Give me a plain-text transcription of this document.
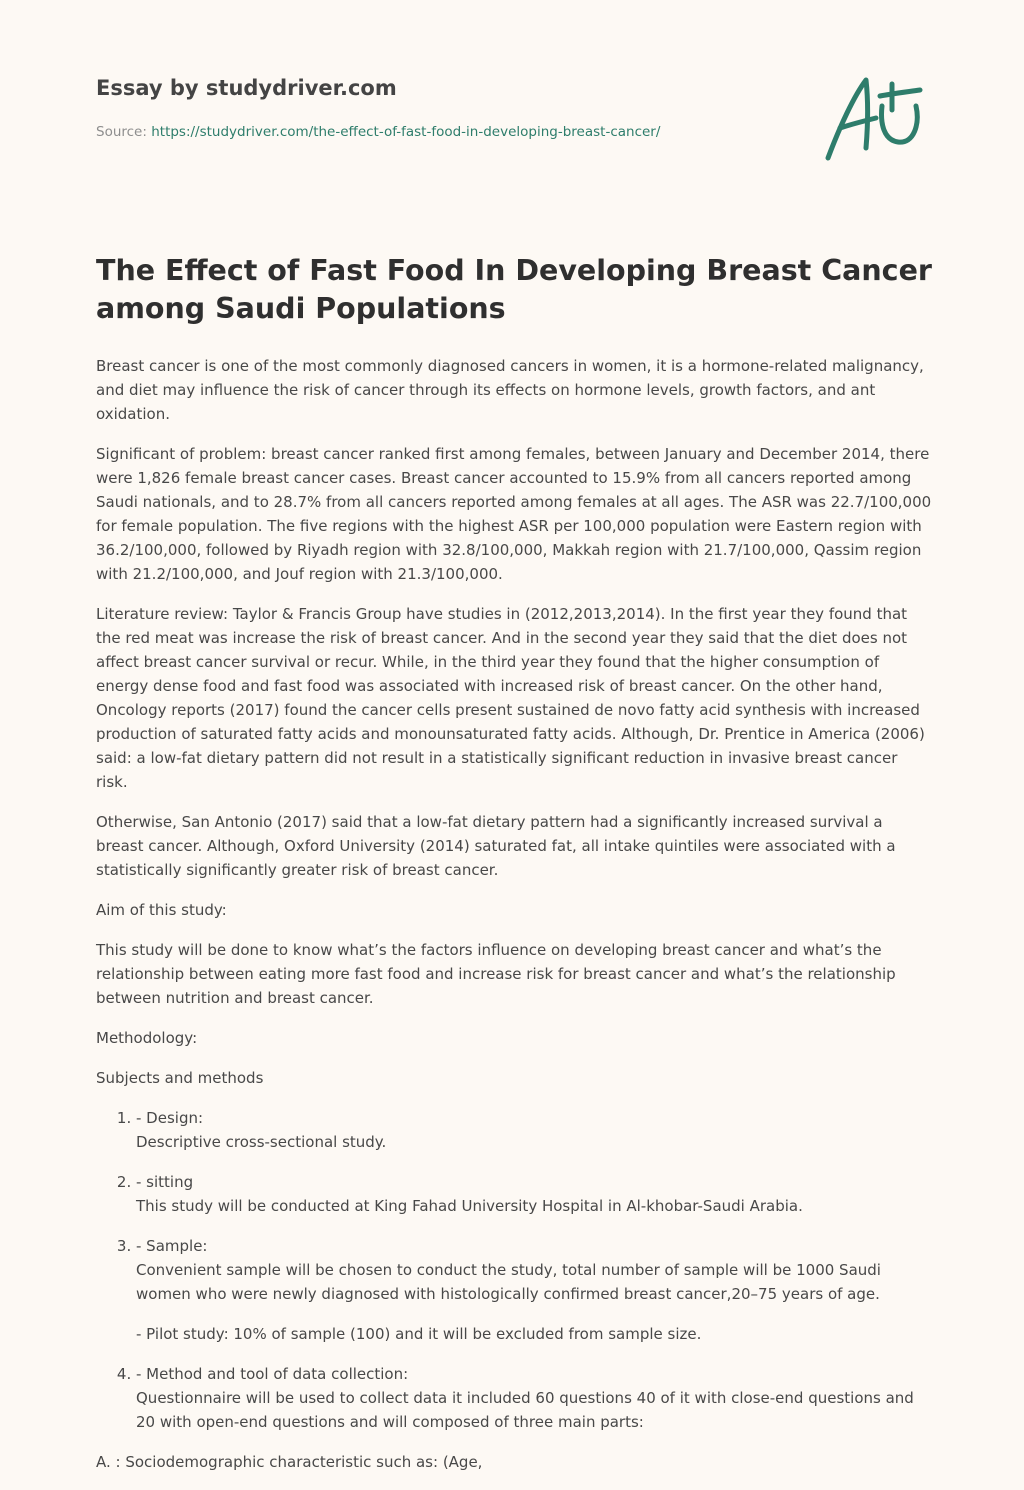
Essay by studydriver.com
Source: https://studydriver.com/the-effect-of-fast-food-in-developing-breast-cancer/
The Effect of Fast Food In Developing Breast Cancer among Saudi Populations

Breast cancer is one of the most commonly diagnosed cancers in women, it is a hormone-related malignancy, and diet may influence the risk of cancer through its effects on hormone levels, growth factors, and ant oxidation.

Significant of problem: breast cancer ranked first among females, between January and December 2014, there were 1,826 female breast cancer cases. Breast cancer accounted to 15.9% from all cancers reported among Saudi nationals, and to 28.7% from all cancers reported among females at all ages. The ASR was 22.7/100,000 for female population. The five regions with the highest ASR per 100,000 population were Eastern region with 36.2/100,000, followed by Riyadh region with 32.8/100,000, Makkah region with 21.7/100,000, Qassim region with 21.2/100,000, and Jouf region with 21.3/100,000.

Literature review: Taylor & Francis Group have studies in (2012,2013,2014). In the first year they found that the red meat was increase the risk of breast cancer. And in the second year they said that the diet does not affect breast cancer survival or recur. While, in the third year they found that the higher consumption of energy dense food and fast food was associated with increased risk of breast cancer. On the other hand, Oncology reports (2017) found the cancer cells present sustained de novo fatty acid synthesis with increased production of saturated fatty acids and monounsaturated fatty acids. Although, Dr. Prentice in America (2006) said: a low-fat dietary pattern did not result in a statistically significant reduction in invasive breast cancer risk.

Otherwise, San Antonio (2017) said that a low-fat dietary pattern had a significantly increased survival a breast cancer. Although, Oxford University (2014) saturated fat, all intake quintiles were associated with a statistically significantly greater risk of breast cancer.

Aim of this study:

This study will be done to know what’s the factors influence on developing breast cancer and what’s the relationship between eating more fast food and increase risk for breast cancer and what’s the relationship between nutrition and breast cancer.

Methodology:

Subjects and methods

1. - Design:

Descriptive cross-sectional study.

2. - sitting

This study will be conducted at King Fahad University Hospital in Al-khobar-Saudi Arabia.

3. - Sample:

Convenient sample will be chosen to conduct the study, total number of sample will be 1000 Saudi women who were newly diagnosed with histologically confirmed breast cancer,20–75 years of age.

- Pilot study: 10% of sample (100) and it will be excluded from sample size.

4. - Method and tool of data collection:

Questionnaire will be used to collect data it included 60 questions 40 of it with close-end questions and 20 with open-end questions and will composed of three main parts:

A. : Sociodemographic characteristic such as: (Age,
